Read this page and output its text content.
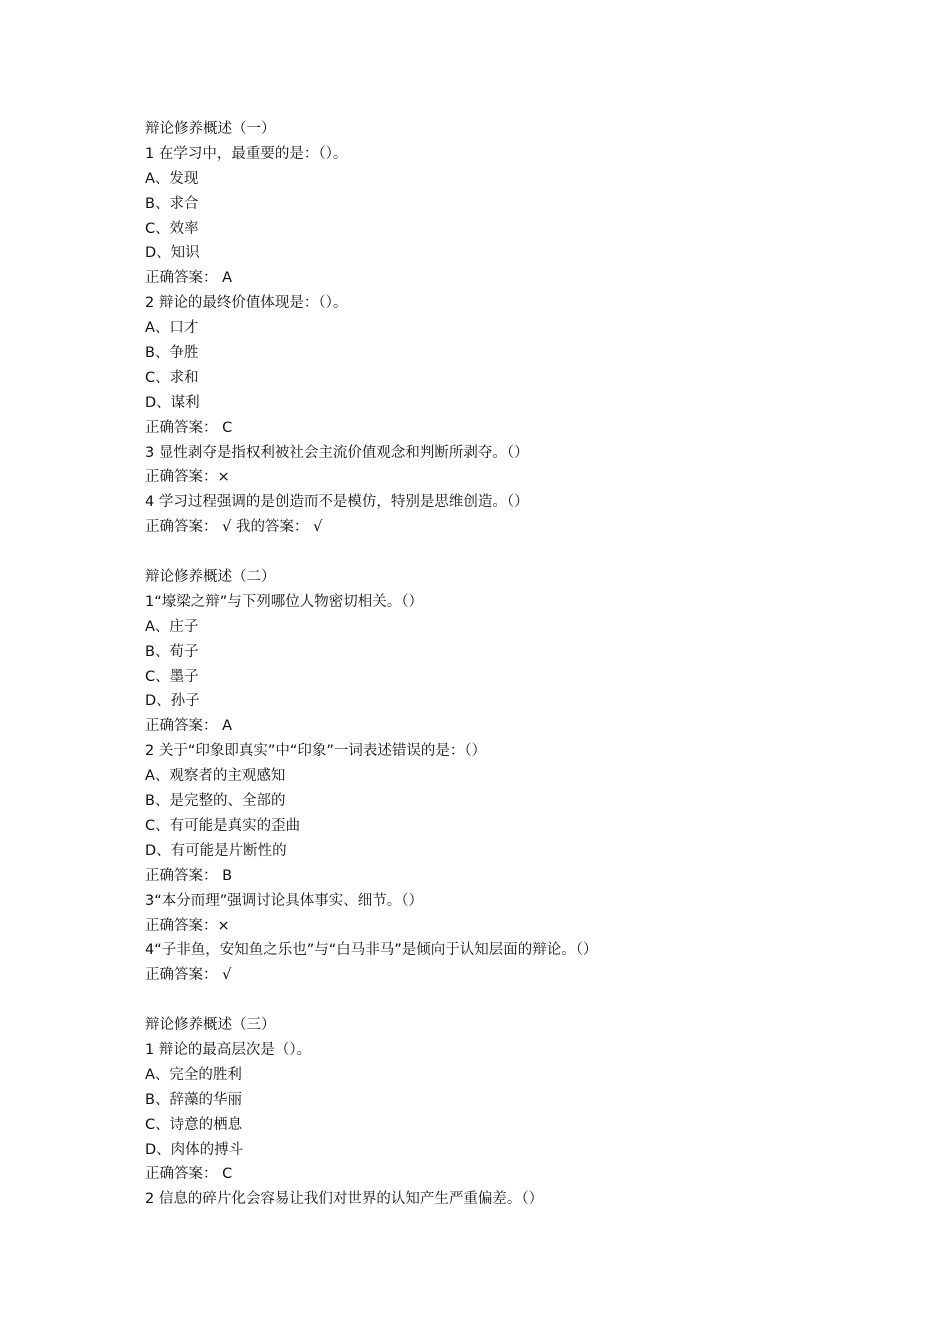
辩论修养概述（一）
1 在学习中，最重要的是：（）。
A、发现
B、求合
C、效率
D、知识
正确答案： A
2 辩论的最终价值体现是：（）。
A、口才
B、争胜
C、求和
D、谋利
正确答案： C
3 显性剥夺是指权利被社会主流价值观念和判断所剥夺。（）
正确答案：×
4 学习过程强调的是创造而不是模仿，特别是思维创造。（）
正确答案： √ 我的答案： √
辩论修养概述（二）
1“壕梁之辩”与下列哪位人物密切相关。（）
A、庄子
B、荀子
C、墨子
D、孙子
正确答案： A
2 关于“印象即真实”中“印象”一词表述错误的是：（）
A、观察者的主观感知
B、是完整的、全部的
C、有可能是真实的歪曲
D、有可能是片断性的
正确答案： B
3“本分而理”强调讨论具体事实、细节。（）
正确答案：×
4“子非鱼，安知鱼之乐也”与“白马非马”是倾向于认知层面的辩论。（）
正确答案： √
辩论修养概述（三）
1 辩论的最高层次是（）。
A、完全的胜利
B、辞藻的华丽
C、诗意的栖息
D、肉体的搏斗
正确答案： C
2 信息的碎片化会容易让我们对世界的认知产生严重偏差。（）
